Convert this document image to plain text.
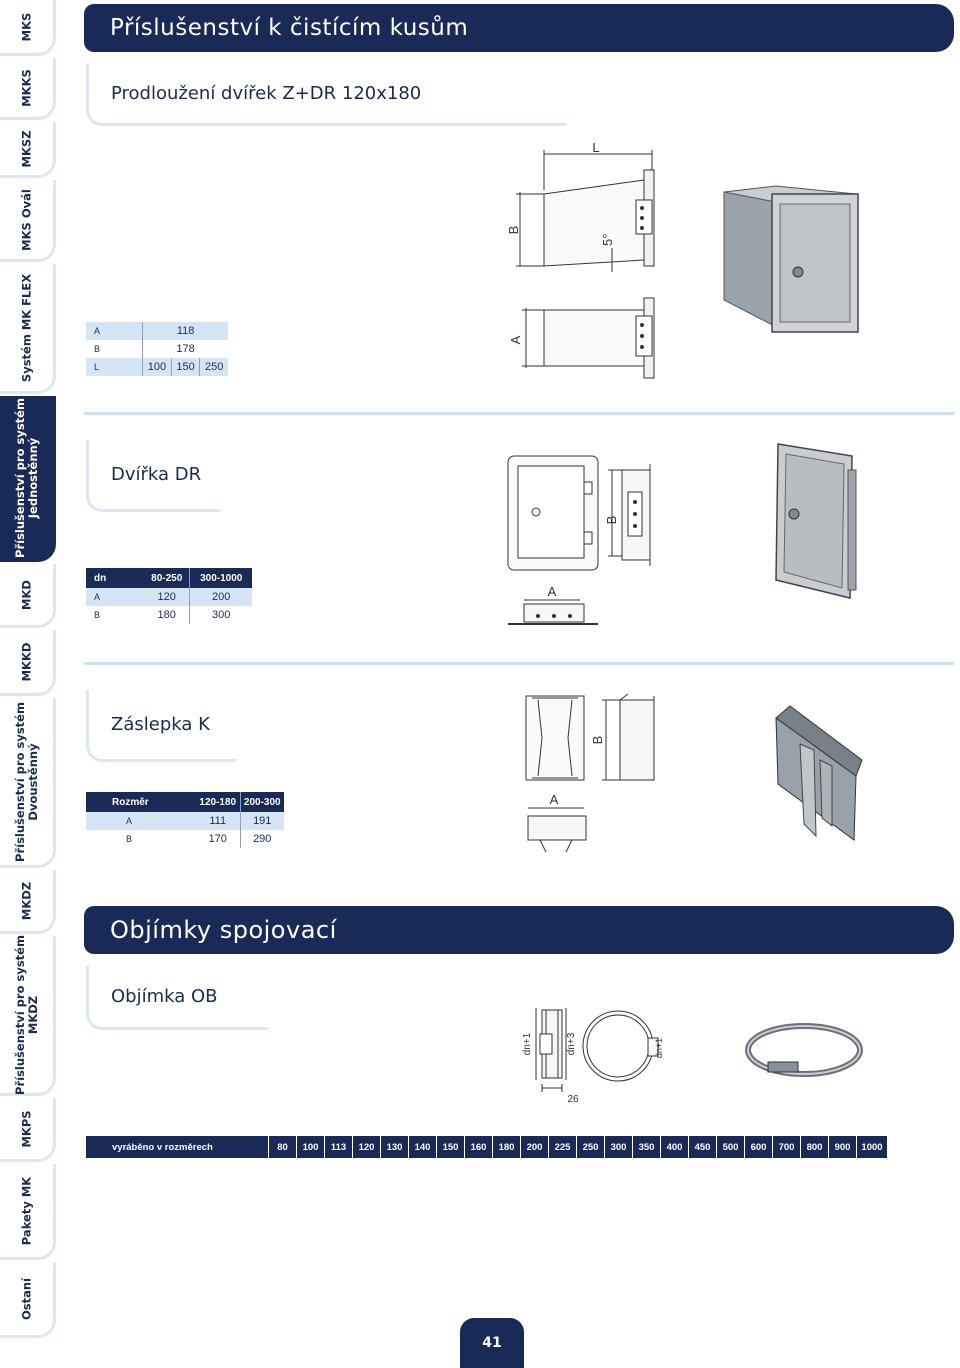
MKS
MKKS
MKSZ
MKS Ovál
Systém MK FLEX
Příslušenství pro systém Jednostěnný
MKD
MKKD
Příslušenství pro systém Dvoustěnný
MKDZ
Příslušenství pro systém MKDZ
MKPS
Pakety MK
Ostaní
Příslušenství k čistícím kusům
Prodloužení dvířek Z+DR 120x180
A	118		
B	178		
L	100	150	250
L
B
5°
A
Dvířka DR
dn	80-250	300-1000
A	120	200
B	180	300
B
A
Záslepka K
Rozměr	120-180	200-300
A	111	191
B	170	290
B
A
Objímky spojovací
Objímka OB
dn+1	dn+3
26
dn+1
vyráběno v rozměrech	80	100	113	120	130	140	150	160	180	200	225	250	300	350	400	450	500	600	700	800	900	1000
41
